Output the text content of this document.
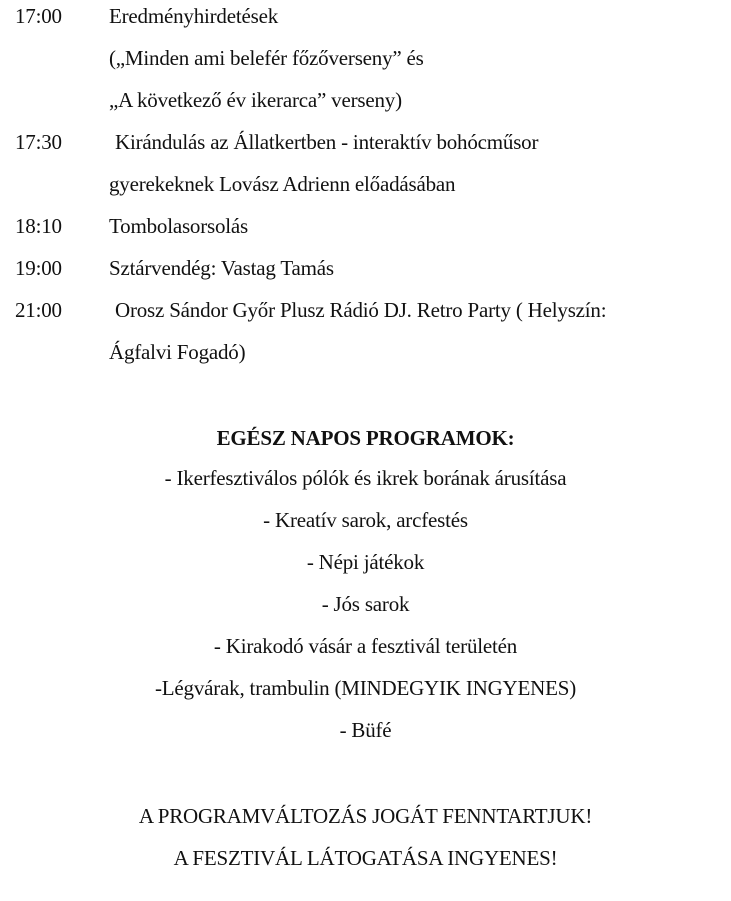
17:00 Eredményhirdetések
(„Minden ami belefér főzőverseny” és
„A következő év ikerarca” verseny)
17:30	Kirándulás az Állatkertben - interaktív bohócműsor
gyerekeknek Lovász Adrienn előadásában
18:10 Tombolasorsolás
19:00 Sztárvendég: Vastag Tamás
21:00	Orosz Sándor Győr Plusz Rádió DJ. Retro Party ( Helyszín:
Ágfalvi Fogadó)
EGÉSZ NAPOS PROGRAMOK:
- Ikerfesztiválos pólók és ikrek borának árusítása
- Kreatív sarok, arcfestés
- Népi játékok
- Jós sarok
- Kirakodó vásár a fesztivál területén
-Légvárak, trambulin (MINDEGYIK INGYENES)
- Büfé
A PROGRAMVÁLTOZÁS JOGÁT FENNTARTJUK!
A FESZTIVÁL LÁTOGATÁSA INGYENES!
